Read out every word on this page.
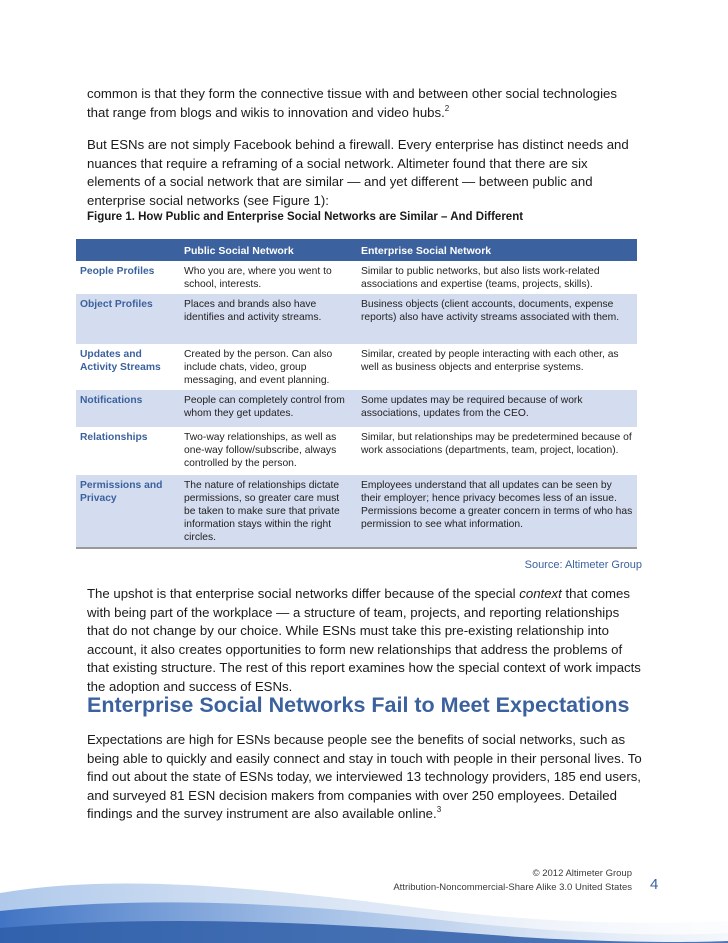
common is that they form the connective tissue with and between other social technologies that range from blogs and wikis to innovation and video hubs.$^2$

But ESNs are not simply Facebook behind a firewall. Every enterprise has distinct needs and nuances that require a reframing of a social network. Altimeter found that there are six elements of a social network that are similar — and yet different — between public and enterprise social networks (see Figure 1):

Figure 1. How Public and Enterprise Social Networks are Similar – And Different

	Public Social Network	Enterprise Social Network
People Profiles	Who you are, where you went to school, interests.	Similar to public networks, but also lists work-related associations and expertise (teams, projects, skills).
Object Profiles	Places and brands also have identifies and activity streams.	Business objects (client accounts, documents, expense reports) also have activity streams associated with them.
Updates and Activity Streams	Created by the person. Can also include chats, video, group messaging, and event planning.	Similar, created by people interacting with each other, as well as business objects and enterprise systems.
Notifications	People can completely control from whom they get updates.	Some updates may be required because of work associations, updates from the CEO.
Relationships	Two-way relationships, as well as one-way follow/subscribe, always controlled by the person.	Similar, but relationships may be predetermined because of work associations (departments, team, project, location).
Permissions and Privacy	The nature of relationships dictate permissions, so greater care must be taken to make sure that private information stays within the right circles.	Employees understand that all updates can be seen by their employer; hence privacy becomes less of an issue. Permissions become a greater concern in terms of who has permission to see what information.

Source: Altimeter Group

The upshot is that enterprise social networks differ because of the special context that comes with being part of the workplace — a structure of team, projects, and reporting relationships that do not change by our choice. While ESNs must take this pre-existing relationship into account, it also creates opportunities to form new relationships that address the problems of that existing structure. The rest of this report examines how the special context of work impacts the adoption and success of ESNs.

Enterprise Social Networks Fail to Meet Expectations

Expectations are high for ESNs because people see the benefits of social networks, such as being able to quickly and easily connect and stay in touch with people in their personal lives. To find out about the state of ESNs today, we interviewed 13 technology providers, 185 end users, and surveyed 81 ESN decision makers from companies with over 250 employees. Detailed findings and the survey instrument are also available online.$^3$

© 2012 Altimeter Group
Attribution-Noncommercial-Share Alike 3.0 United States 4
